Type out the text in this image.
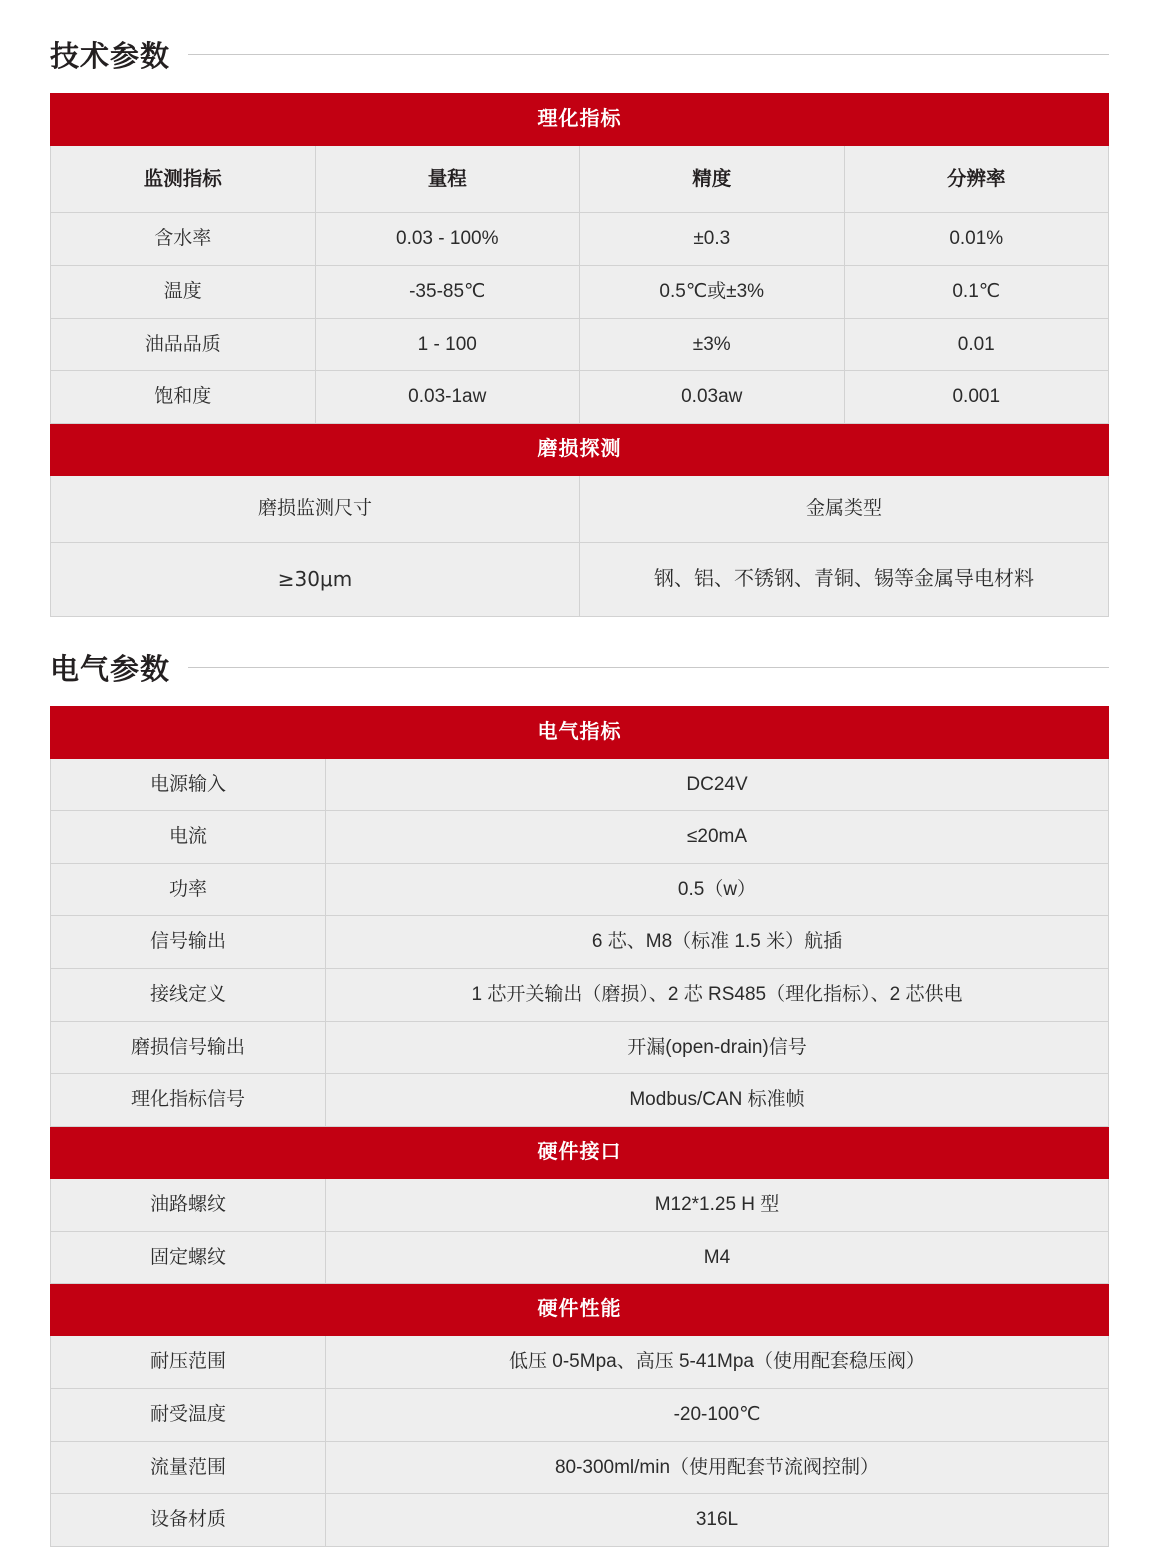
技术参数
理化指标			
监测指标	量程	精度	分辨率
含水率	0.03 - 100%	±0.3	0.01%
温度	-35-85℃	0.5℃或±3%	0.1℃
油品品质	1 - 100	±3%	0.01
饱和度	0.03-1aw	0.03aw	0.001
磨损探测			
磨损监测尺寸		金属类型	
≥30μm		钢、铝、不锈钢、青铜、锡等金属导电材料	
电气参数
电气指标	
电源输入	DC24V
电流	≤20mA
功率	0.5（w）
信号输出	6 芯、M8（标准 1.5 米）航插
接线定义	1 芯开关输出（磨损）、2 芯 RS485（理化指标）、2 芯供电
磨损信号输出	开漏(open-drain)信号
理化指标信号	Modbus/CAN 标准帧
硬件接口	
油路螺纹	M12*1.25 H 型
固定螺纹	M4
硬件性能	
耐压范围	低压 0-5Mpa、高压 5-41Mpa（使用配套稳压阀）
耐受温度	-20-100℃
流量范围	80-300ml/min（使用配套节流阀控制）
设备材质	316L
